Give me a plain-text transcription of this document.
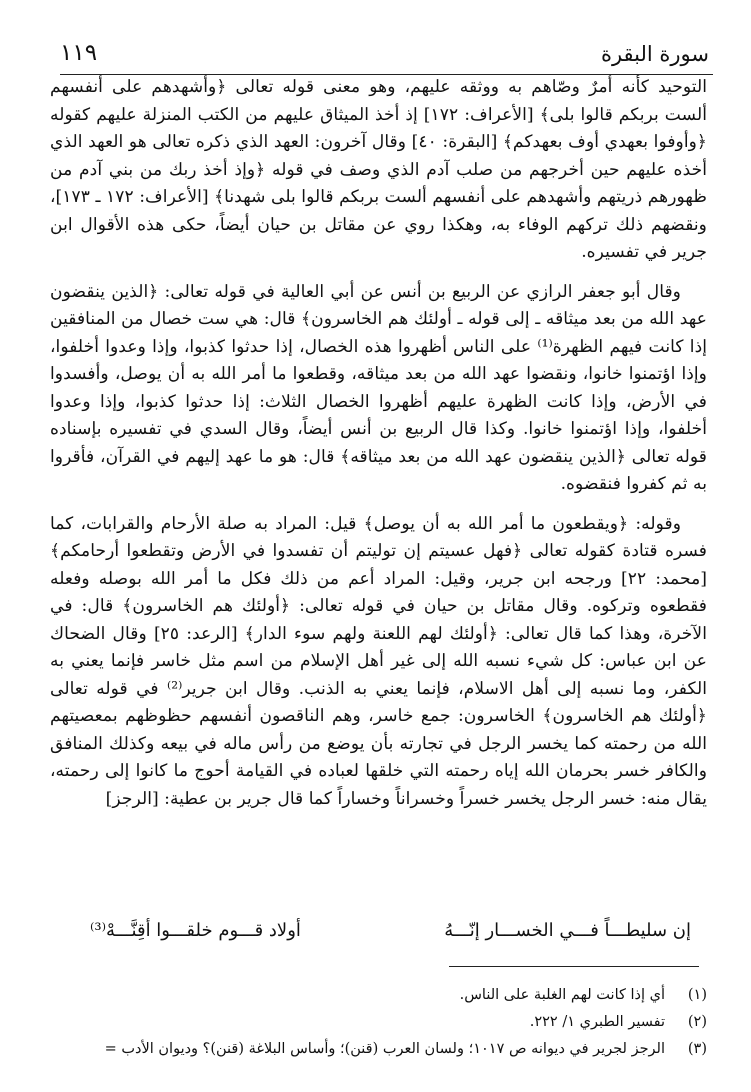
سورة البقرة
١١٩

التوحيد كأنه أمرٌ وصّاهم به ووثقه عليهم، وهو معنى قوله تعالى ﴿وأشهدهم على أنفسهم ألست بربكم قالوا بلى﴾ [الأعراف: ١٧٢] إذ أخذ الميثاق عليهم من الكتب المنزلة عليهم كقوله ﴿وأوفوا بعهدي أوف بعهدكم﴾ [البقرة: ٤٠] وقال آخرون: العهد الذي ذكره تعالى هو العهد الذي أخذه عليهم حين أخرجهم من صلب آدم الذي وصف في قوله ﴿وإذ أخذ ربك من بني آدم من ظهورهم ذريتهم وأشهدهم على أنفسهم ألست بربكم قالوا بلى شهدنا﴾ [الأعراف: ١٧٢ ـ ١٧٣]، ونقضهم ذلك تركهم الوفاء به، وهكذا روي عن مقاتل بن حيان أيضاً، حكى هذه الأقوال ابن جرير في تفسيره.

وقال أبو جعفر الرازي عن الربيع بن أنس عن أبي العالية في قوله تعالى: ﴿الذين ينقضون عهد الله من بعد ميثاقه ـ إلى قوله ـ أولئك هم الخاسرون﴾ قال: هي ست خصال من المنافقين إذا كانت فيهم الظهرة⁽¹⁾ على الناس أظهروا هذه الخصال، إذا حدثوا كذبوا، وإذا وعدوا أخلفوا، وإذا اؤتمنوا خانوا، ونقضوا عهد الله من بعد ميثاقه، وقطعوا ما أمر الله به أن يوصل، وأفسدوا في الأرض، وإذا كانت الظهرة عليهم أظهروا الخصال الثلاث: إذا حدثوا كذبوا، وإذا وعدوا أخلفوا، وإذا اؤتمنوا خانوا. وكذا قال الربيع بن أنس أيضاً، وقال السدي في تفسيره بإسناده قوله تعالى ﴿الذين ينقضون عهد الله من بعد ميثاقه﴾ قال: هو ما عهد إليهم في القرآن، فأقروا به ثم كفروا فنقضوه.

وقوله: ﴿ويقطعون ما أمر الله به أن يوصل﴾ قيل: المراد به صلة الأرحام والقرابات، كما فسره قتادة كقوله تعالى ﴿فهل عسيتم إن توليتم أن تفسدوا في الأرض وتقطعوا أرحامكم﴾ [محمد: ٢٢] ورجحه ابن جرير، وقيل: المراد أعم من ذلك فكل ما أمر الله بوصله وفعله فقطعوه وتركوه. وقال مقاتل بن حيان في قوله تعالى: ﴿أولئك هم الخاسرون﴾ قال: في الآخرة، وهذا كما قال تعالى: ﴿أولئك لهم اللعنة ولهم سوء الدار﴾ [الرعد: ٢٥] وقال الضحاك عن ابن عباس: كل شيء نسبه الله إلى غير أهل الإسلام من اسم مثل خاسر فإنما يعني به الكفر، وما نسبه إلى أهل الاسلام، فإنما يعني به الذنب. وقال ابن جرير⁽²⁾ في قوله تعالى ﴿أولئك هم الخاسرون﴾ الخاسرون: جمع خاسر، وهم الناقصون أنفسهم حظوظهم بمعصيتهم الله من رحمته كما يخسر الرجل في تجارته بأن يوضع من رأس ماله في بيعه وكذلك المنافق والكافر خسر بحرمان الله إياه رحمته التي خلقها لعباده في القيامة أحوج ما كانوا إلى رحمته، يقال منه: خسر الرجل يخسر خسراً وخسراناً وخساراً كما قال جرير بن عطية: [الرجز]

إن سليطـــاً فـــي الخســـار إنّـــهُ
أولاد قـــوم خلقـــوا أقِنَّـــهْ⁽³⁾
(١)
أي إذا كانت لهم الغلبة على الناس.
(٢)
تفسير الطبري ١/ ٢٢٢.
(٣)
الرجز لجرير في ديوانه ص ١٠١٧؛ ولسان العرب (قنن)؛ وأساس البلاغة (قنن)؟ وديوان الأدب =
